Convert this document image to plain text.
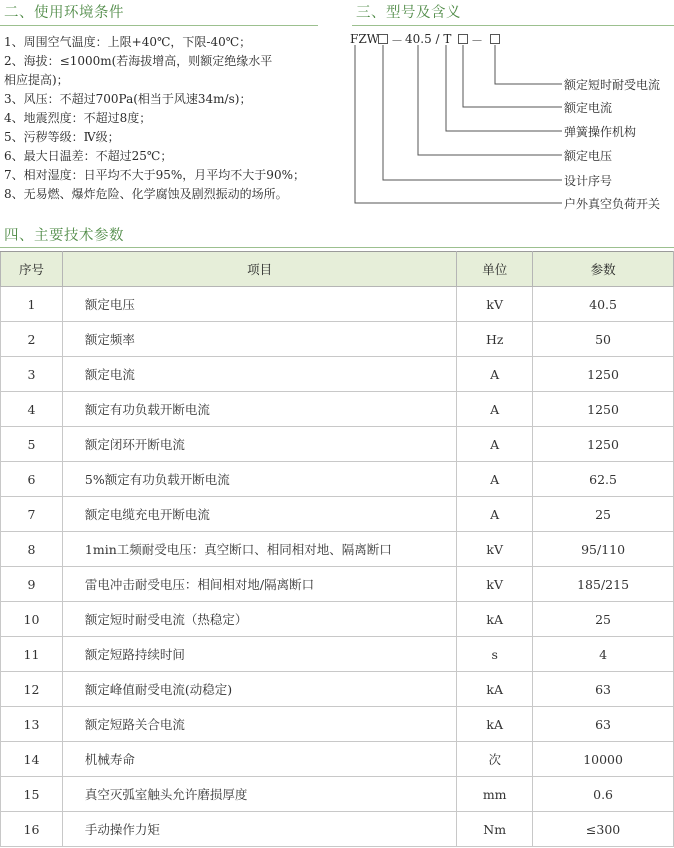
二、使用环境条件	三、型号及含义
1、周围空气温度：上限+40℃，下限-40℃；
2、海拔：≤1000m(若海拔增高，则额定绝缘水平
相应提高)；
3、风压：不超过700Pa(相当于风速34m/s)；
4、地震烈度：不超过8度；
5、污秽等级：Ⅳ级；
6、最大日温差：不超过25℃；
7、相对湿度：日平均不大于95%，月平均不大于90%；
8、无易燃、爆炸危险、化学腐蚀及剧烈振动的场所。
FZW － 40.5 / T －
额定短时耐受电流
额定电流
弹簧操作机构
额定电压
设计序号
户外真空负荷开关
四、主要技术参数
序号	项目	单位	参数
1	额定电压	kV	40.5
2	额定频率	Hz	50
3	额定电流	A	1250
4	额定有功负载开断电流	A	1250
5	额定闭环开断电流	A	1250
6	5%额定有功负载开断电流	A	62.5
7	额定电缆充电开断电流	A	25
8	1min工频耐受电压：真空断口、相同相对地、隔离断口	kV	95/110
9	雷电冲击耐受电压：相间相对地/隔离断口	kV	185/215
10	额定短时耐受电流（热稳定）	kA	25
11	额定短路持续时间	s	4
12	额定峰值耐受电流(动稳定)	kA	63
13	额定短路关合电流	kA	63
14	机械寿命	次	10000
15	真空灭弧室触头允许磨损厚度	mm	0.6
16	手动操作力矩	Nm	≤300
